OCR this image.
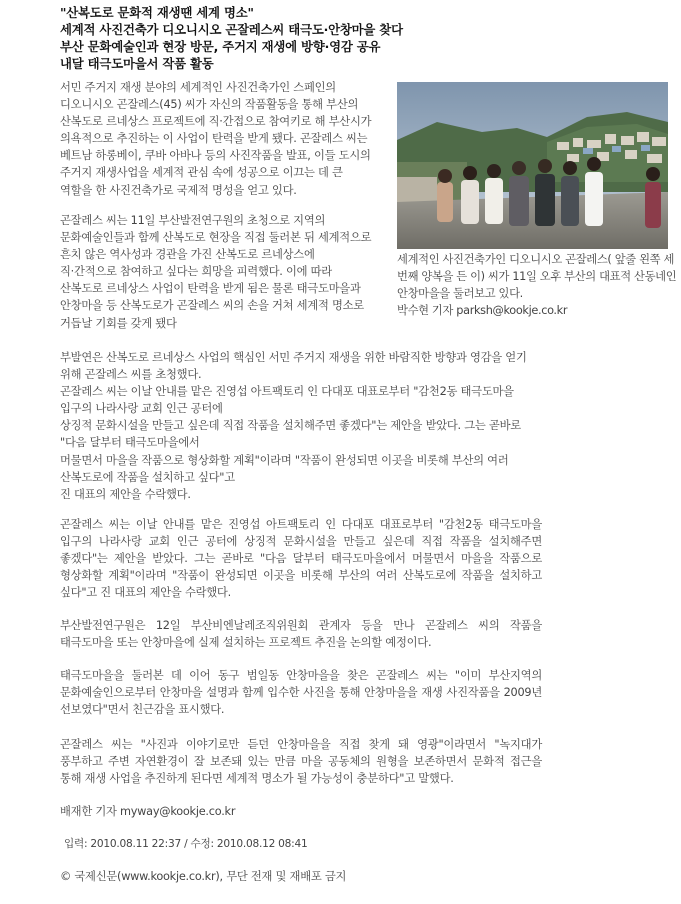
"산복도로 문화적 재생땐 세계 명소"
세계적 사진건축가 디오니시오 곤잘레스씨 태극도·안창마을 찾다
부산 문화예술인과 현장 방문, 주거지 재생에 방향·영감 공유
내달 태극도마을서 작품 활동
서민 주거지 재생 분야의 세계적인 사진건축가인 스페인의
디오니시오 곤잘레스(45) 씨가 자신의 작품활동을 통해 부산의
산복도로 르네상스 프로젝트에 직·간접으로 참여키로 해 부산시가
의욕적으로 추진하는 이 사업이 탄력을 받게 됐다. 곤잘레스 씨는
베트남 하롱베이, 쿠바 아바나 등의 사진작품을 발표, 이들 도시의
주거지 재생사업을 세계적 관심 속에 성공으로 이끄는 데 큰
역할을 한 사진건축가로 국제적 명성을 얻고 있다.
곤잘레스 씨는 11일 부산발전연구원의 초청으로 지역의
문화예술인들과 함께 산복도로 현장을 직접 둘러본 뒤 세계적으로
흔치 않은 역사성과 경관을 가진 산복도로 르네상스에
직·간적으로 참여하고 싶다는 희망을 피력했다. 이에 따라
산복도로 르네상스 사업이 탄력을 받게 됨은 물론 태극도마을과
안창마을 등 산복도로가 곤잘레스 씨의 손을 거쳐 세계적 명소로
거듭날 기회를 갖게 됐다
세계적인 사진건축가인 디오니시오 곤잘레스( 앞줄 왼쪽 세
번째 양복을 든 이) 씨가 11일 오후 부산의 대표적 산동네인
안창마을을 둘러보고 있다.
박수현 기자 parksh@kookje.co.kr
부발연은 산복도로 르네상스 사업의 핵심인 서민 주거지 재생을 위한 바람직한 방향과 영감을 얻기
위해 곤잘레스 씨를 초청했다.
곤잘레스 씨는 이날 안내를 맡은 진영섭 아트팩토리 인 다대포 대표로부터 "감천2동 태극도마을
입구의 나라사랑 교회 인근 공터에
상징적 문화시설을 만들고 싶은데 직접 작품을 설치해주면 좋겠다"는 제안을 받았다. 그는 곧바로
"다음 달부터 태극도마을에서
머물면서 마을을 작품으로 형상화할 계획"이라며 "작품이 완성되면 이곳을 비롯해 부산의 여러
산복도로에 작품을 설치하고 싶다"고
진 대표의 제안을 수락했다.
곤잘레스 씨는 이날 안내를 맡은 진영섭 아트팩토리 인 다대포 대표로부터 "감천2동 태극도마을
입구의 나라사랑 교회 인근 공터에 상징적 문화시설을 만들고 싶은데 직접 작품을 설치해주면
좋겠다"는 제안을 받았다. 그는 곧바로 "다음 달부터 태극도마을에서 머물면서 마을을 작품으로
형상화할 계획"이라며 "작품이 완성되면 이곳을 비롯해 부산의 여러 산복도로에 작품을 설치하고
싶다"고 진 대표의 제안을 수락했다.
부산발전연구원은 12일 부산비엔날레조직위원회 관계자 등을 만나 곤잘레스 씨의 작품을
태극도마을 또는 안창마을에 실제 설치하는 프로젝트 추진을 논의할 예정이다.
태극도마을을 둘러본 데 이어 동구 범일동 안창마을을 찾은 곤잘레스 씨는 "이미 부산지역의
문화예술인으로부터 안창마을 설명과 함께 입수한 사진을 통해 안창마을을 재생 사진작품을 2009년
선보였다"면서 친근감을 표시했다.
곤잘레스 씨는 "사진과 이야기로만 듣던 안창마을을 직접 찾게 돼 영광"이라면서 "녹지대가
풍부하고 주변 자연환경이 잘 보존돼 있는 만큼 마을 공동체의 원형을 보존하면서 문화적 접근을
통해 재생 사업을 추진하게 된다면 세계적 명소가 될 가능성이 충분하다"고 말했다.
배재한 기자 myway@kookje.co.kr
입력: 2010.08.11 22:37 / 수정: 2010.08.12 08:41
© 국제신문(www.kookje.co.kr), 무단 전재 및 재배포 금지
